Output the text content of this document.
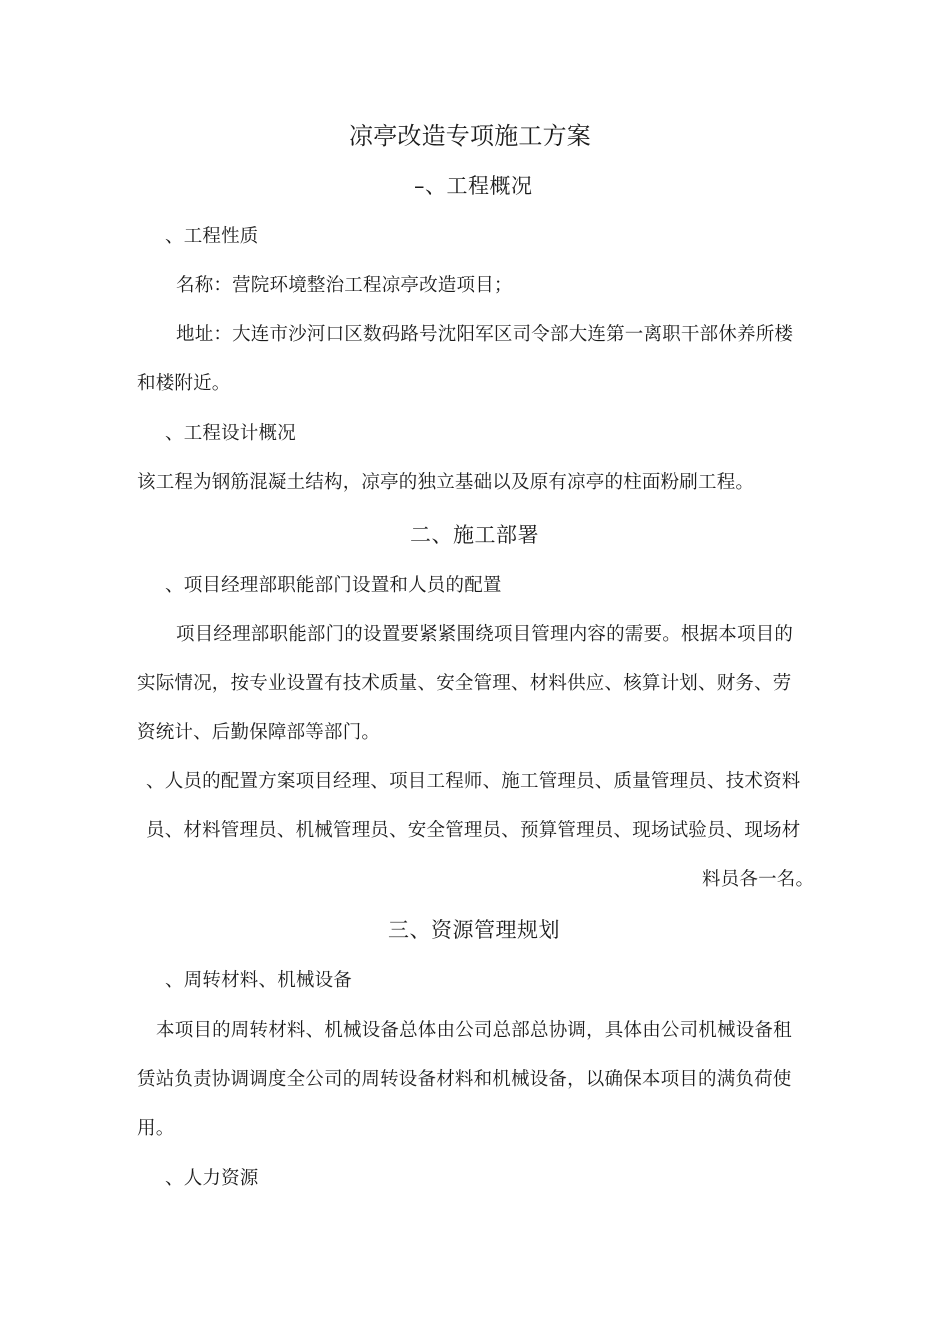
凉亭改造专项施工方案
–、工程概况
、工程性质
名称：营院环境整治工程凉亭改造项目；
地址：大连市沙河口区数码路号沈阳军区司令部大连第一离职干部休养所楼
和楼附近。
、工程设计概况
该工程为钢筋混凝土结构，凉亭的独立基础以及原有凉亭的柱面粉刷工程。
二、施工部署
、项目经理部职能部门设置和人员的配置
项目经理部职能部门的设置要紧紧围绕项目管理内容的需要。根据本项目的
实际情况，按专业设置有技术质量、安全管理、材料供应、核算计划、财务、劳
资统计、后勤保障部等部门。
、人员的配置方案项目经理、项目工程师、施工管理员、质量管理员、技术资料
员、材料管理员、机械管理员、安全管理员、预算管理员、现场试验员、现场材
料员各一名。
三、资源管理规划
、周转材料、机械设备
本项目的周转材料、机械设备总体由公司总部总协调，具体由公司机械设备租
赁站负责协调调度全公司的周转设备材料和机械设备，以确保本项目的满负荷使
用。
、人力资源
